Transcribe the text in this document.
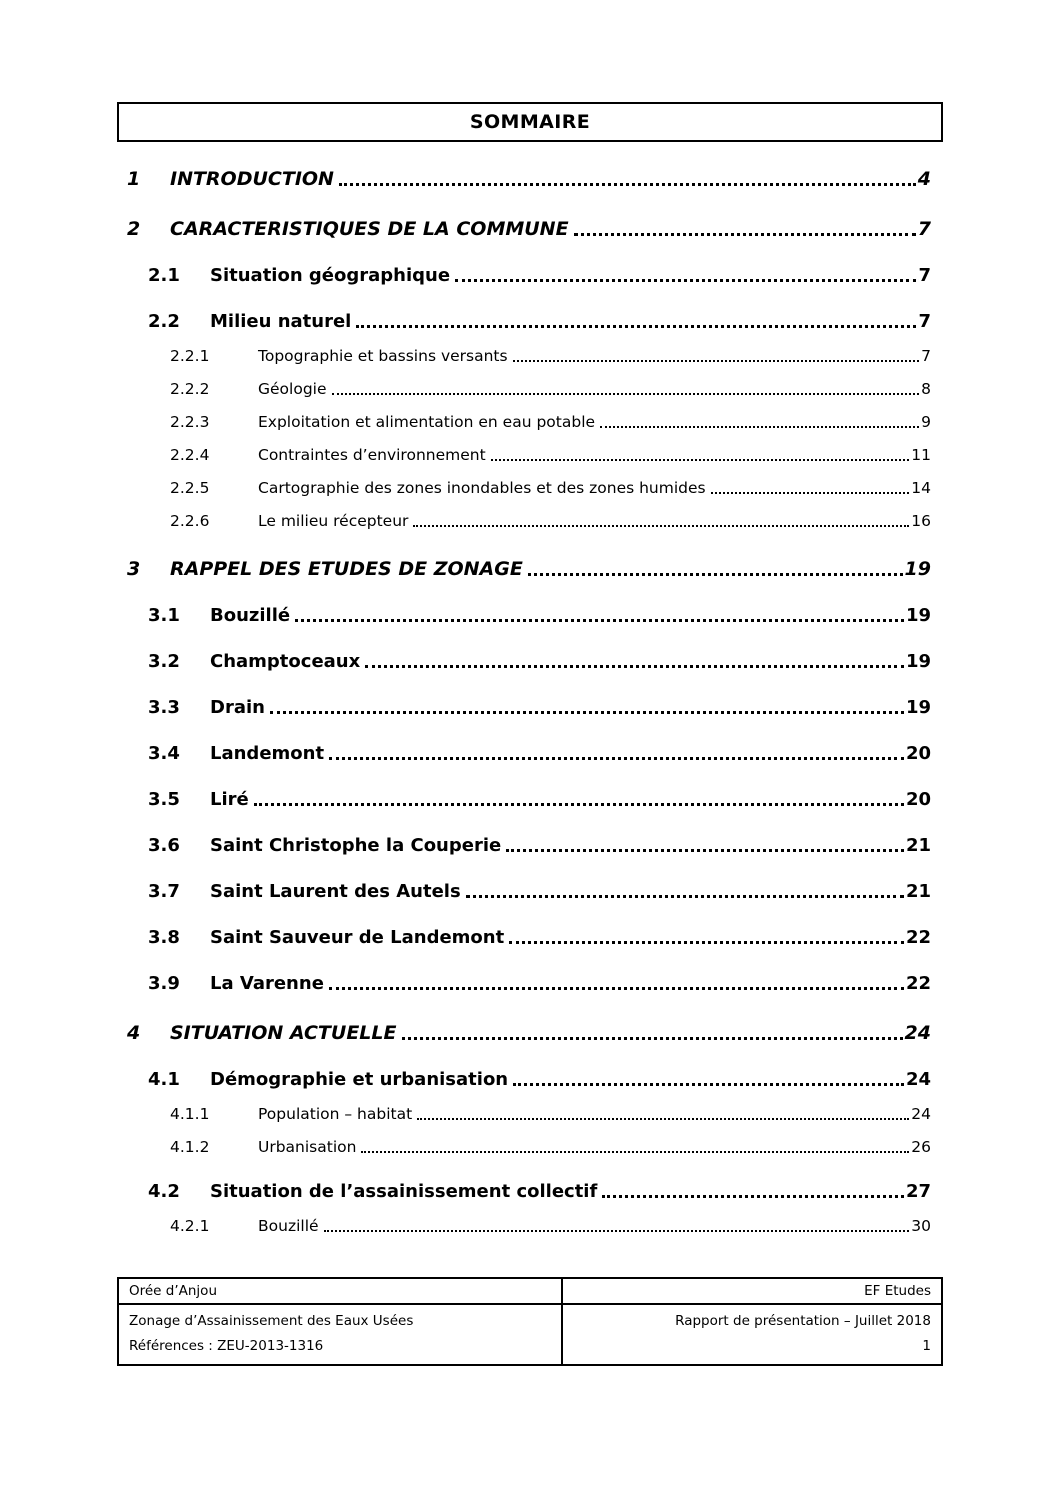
SOMMAIRE
1	INTRODUCTION	4
2	CARACTERISTIQUES DE LA COMMUNE	7
2.1	Situation géographique	7
2.2	Milieu naturel	7
2.2.1	Topographie et bassins versants	7
2.2.2	Géologie	8
2.2.3	Exploitation et alimentation en eau potable	9
2.2.4	Contraintes d’environnement	11
2.2.5	Cartographie des zones inondables et des zones humides	14
2.2.6	Le milieu récepteur	16
3	RAPPEL DES ETUDES DE ZONAGE	19
3.1	Bouzillé	19
3.2	Champtoceaux	19
3.3	Drain	19
3.4	Landemont	20
3.5	Liré	20
3.6	Saint Christophe la Couperie	21
3.7	Saint Laurent des Autels	21
3.8	Saint Sauveur de Landemont	22
3.9	La Varenne	22
4	SITUATION ACTUELLE	24
4.1	Démographie et urbanisation	24
4.1.1	Population – habitat	24
4.1.2	Urbanisation	26
4.2	Situation de l’assainissement collectif	27
4.2.1	Bouzillé	30
Orée d’Anjou	EF Etudes
Zonage d’Assainissement des Eaux Usées
Références : ZEU-2013-1316
Rapport de présentation – Juillet 2018
1
